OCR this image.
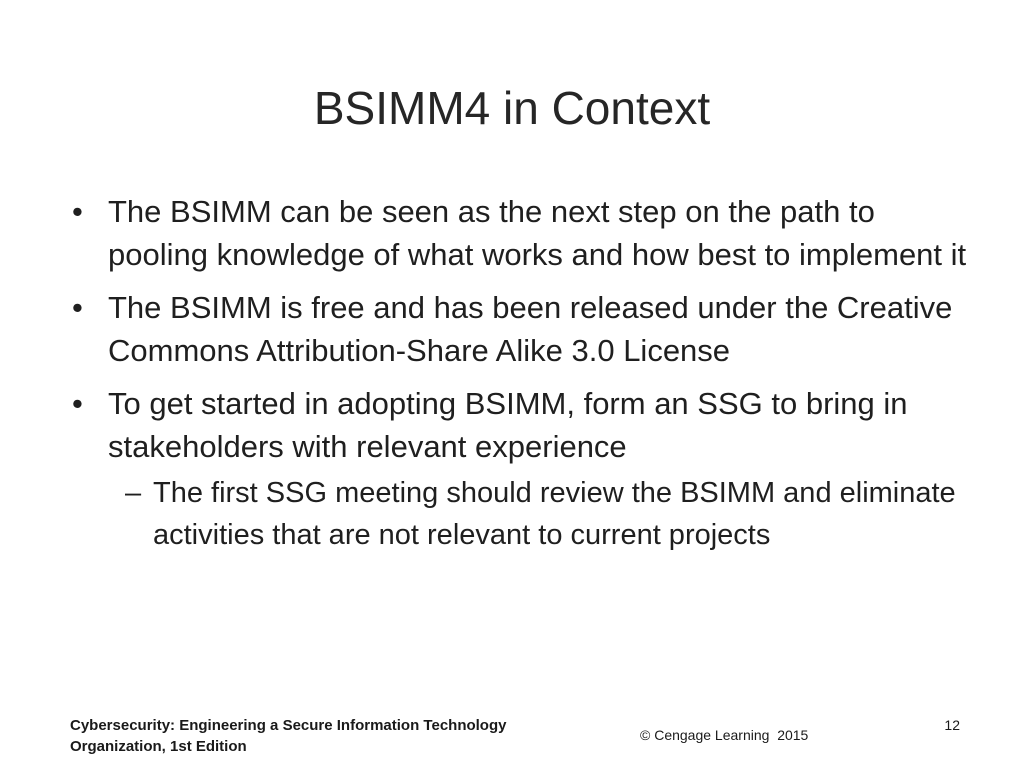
BSIMM4 in Context
• The BSIMM can be seen as the next step on the path to pooling knowledge of what works and how best to implement it
• The BSIMM is free and has been released under the Creative Commons Attribution-Share Alike 3.0 License
• To get started in adopting BSIMM, form an SSG to bring in stakeholders with relevant experience
– The first SSG meeting should review the BSIMM and eliminate activities that are not relevant to current projects
Cybersecurity: Engineering a Secure Information Technology
Organization, 1st Edition
© Cengage Learning  2015
12
